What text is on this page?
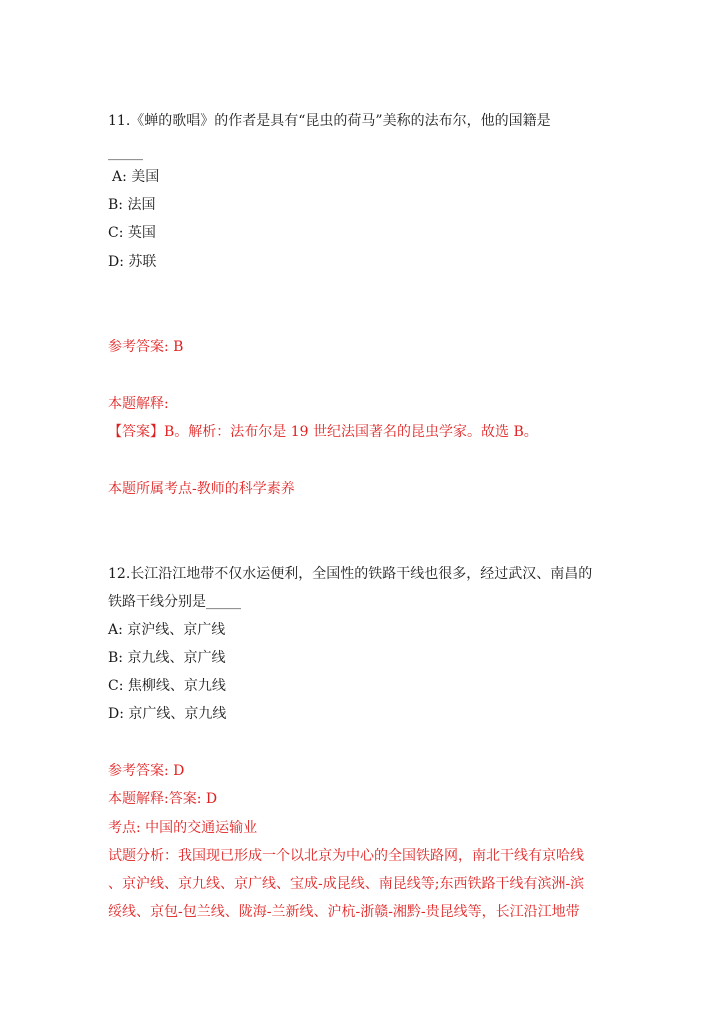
11.《蝉的歌唱》的作者是具有“昆虫的荷马”美称的法布尔，他的国籍是
_____
A: 美国
B: 法国
C: 英国
D: 苏联
参考答案: B
本题解释:
【答案】B。解析：法布尔是 19 世纪法国著名的昆虫学家。故选 B。
本题所属考点-教师的科学素养
12.长江沿江地带不仅水运便利，全国性的铁路干线也很多，经过武汉、南昌的
铁路干线分别是_____
A: 京沪线、京广线
B: 京九线、京广线
C: 焦柳线、京九线
D: 京广线、京九线
参考答案: D
本题解释:答案: D
考点: 中国的交通运输业
试题分析：我国现已形成一个以北京为中心的全国铁路网，南北干线有京哈线
、京沪线、京九线、京广线、宝成-成昆线、南昆线等;东西铁路干线有滨洲-滨
绥线、京包-包兰线、陇海-兰新线、沪杭-浙赣-湘黔-贵昆线等，长江沿江地带
